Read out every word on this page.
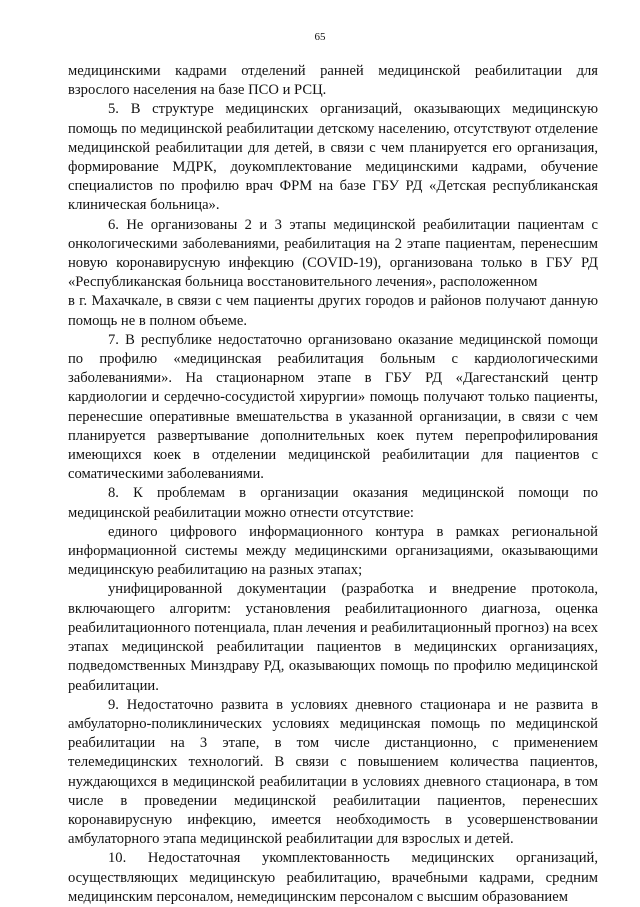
65

медицинскими кадрами отделений ранней медицинской реабилитации для взрослого населения на базе ПСО и РСЦ.

5. В структуре медицинских организаций, оказывающих медицинскую помощь по медицинской реабилитации детскому населению, отсутствуют отделение медицинской реабилитации для детей, в связи с чем планируется его организация, формирование МДРК, доукомплектование медицинскими кадрами, обучение специалистов по профилю врач ФРМ на базе ГБУ РД «Детская республиканская клиническая больница».

6. Не организованы 2 и 3 этапы медицинской реабилитации пациентам с онкологическими заболеваниями, реабилитация на 2 этапе пациентам, перенесшим новую коронавирусную инфекцию (COVID-19), организована только в ГБУ РД «Республиканская больница восстановительного лечения», расположенном

в г. Махачкале, в связи с чем пациенты других городов и районов получают данную помощь не в полном объеме.

7. В республике недостаточно организовано оказание медицинской помощи по профилю «медицинская реабилитация больным с кардиологическими заболеваниями». На стационарном этапе в ГБУ РД «Дагестанский центр кардиологии и сердечно-сосудистой хирургии» помощь получают только пациенты, перенесшие оперативные вмешательства в указанной организации, в связи с чем планируется развертывание дополнительных коек путем перепрофилирования имеющихся коек в отделении медицинской реабилитации для пациентов с соматическими заболеваниями.

8. К проблемам в организации оказания медицинской помощи по медицинской реабилитации можно отнести отсутствие:

единого цифрового информационного контура в рамках региональной информационной системы между медицинскими организациями, оказывающими медицинскую реабилитацию на разных этапах;

унифицированной документации (разработка и внедрение протокола, включающего алгоритм: установления реабилитационного диагноза, оценка реабилитационного потенциала, план лечения и реабилитационный прогноз) на всех этапах медицинской реабилитации пациентов в медицинских организациях, подведомственных Минздраву РД, оказывающих помощь по профилю медицинской реабилитации.

9. Недостаточно развита в условиях дневного стационара и не развита в амбулаторно-поликлинических условиях медицинская помощь по медицинской реабилитации на 3 этапе, в том числе дистанционно, с применением телемедицинских технологий. В связи с повышением количества пациентов, нуждающихся в медицинской реабилитации в условиях дневного стационара, в том числе в проведении медицинской реабилитации пациентов, перенесших коронавирусную инфекцию, имеется необходимость в усовершенствовании амбулаторного этапа медицинской реабилитации для взрослых и детей.

10. Недостаточная укомплектованность медицинских организаций, осуществляющих медицинскую реабилитацию, врачебными кадрами, средним медицинским персоналом, немедицинским персоналом с высшим образованием
